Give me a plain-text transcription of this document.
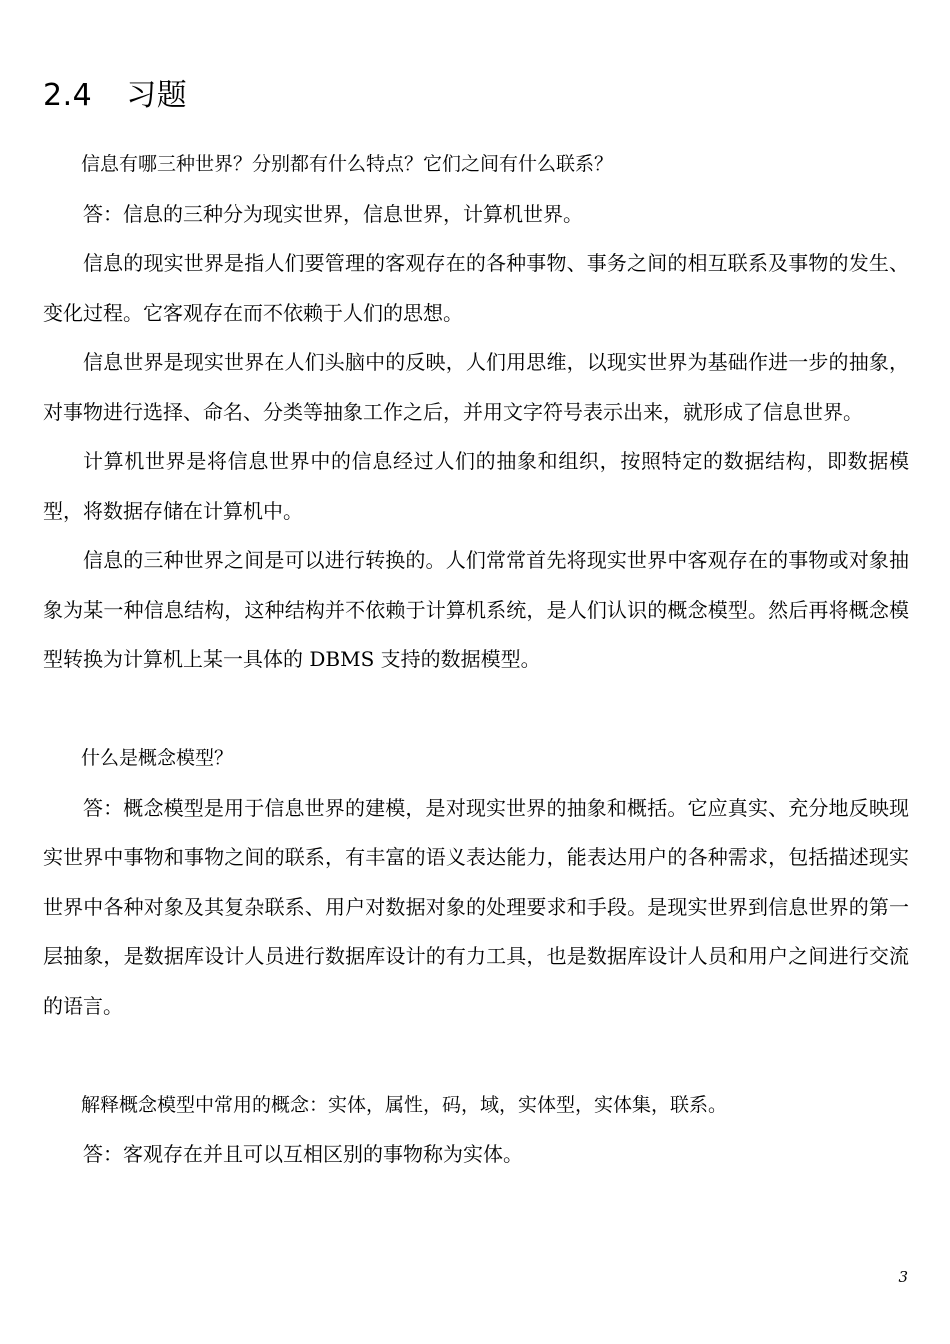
2.4 习题

信息有哪三种世界？分别都有什么特点？它们之间有什么联系？

答：信息的三种分为现实世界，信息世界，计算机世界。

信息的现实世界是指人们要管理的客观存在的各种事物、事务之间的相互联系及事物的发生、变化过程。它客观存在而不依赖于人们的思想。

信息世界是现实世界在人们头脑中的反映，人们用思维，以现实世界为基础作进一步的抽象，对事物进行选择、命名、分类等抽象工作之后，并用文字符号表示出来，就形成了信息世界。

计算机世界是将信息世界中的信息经过人们的抽象和组织，按照特定的数据结构，即数据模型，将数据存储在计算机中。

信息的三种世界之间是可以进行转换的。人们常常首先将现实世界中客观存在的事物或对象抽象为某一种信息结构，这种结构并不依赖于计算机系统，是人们认识的概念模型。然后再将概念模型转换为计算机上某一具体的 DBMS 支持的数据模型。

什么是概念模型？

答：概念模型是用于信息世界的建模，是对现实世界的抽象和概括。它应真实、充分地反映现实世界中事物和事物之间的联系，有丰富的语义表达能力，能表达用户的各种需求，包括描述现实世界中各种对象及其复杂联系、用户对数据对象的处理要求和手段。是现实世界到信息世界的第一层抽象，是数据库设计人员进行数据库设计的有力工具，也是数据库设计人员和用户之间进行交流的语言。

解释概念模型中常用的概念：实体，属性，码，域，实体型，实体集，联系。

答：客观存在并且可以互相区别的事物称为实体。

3
